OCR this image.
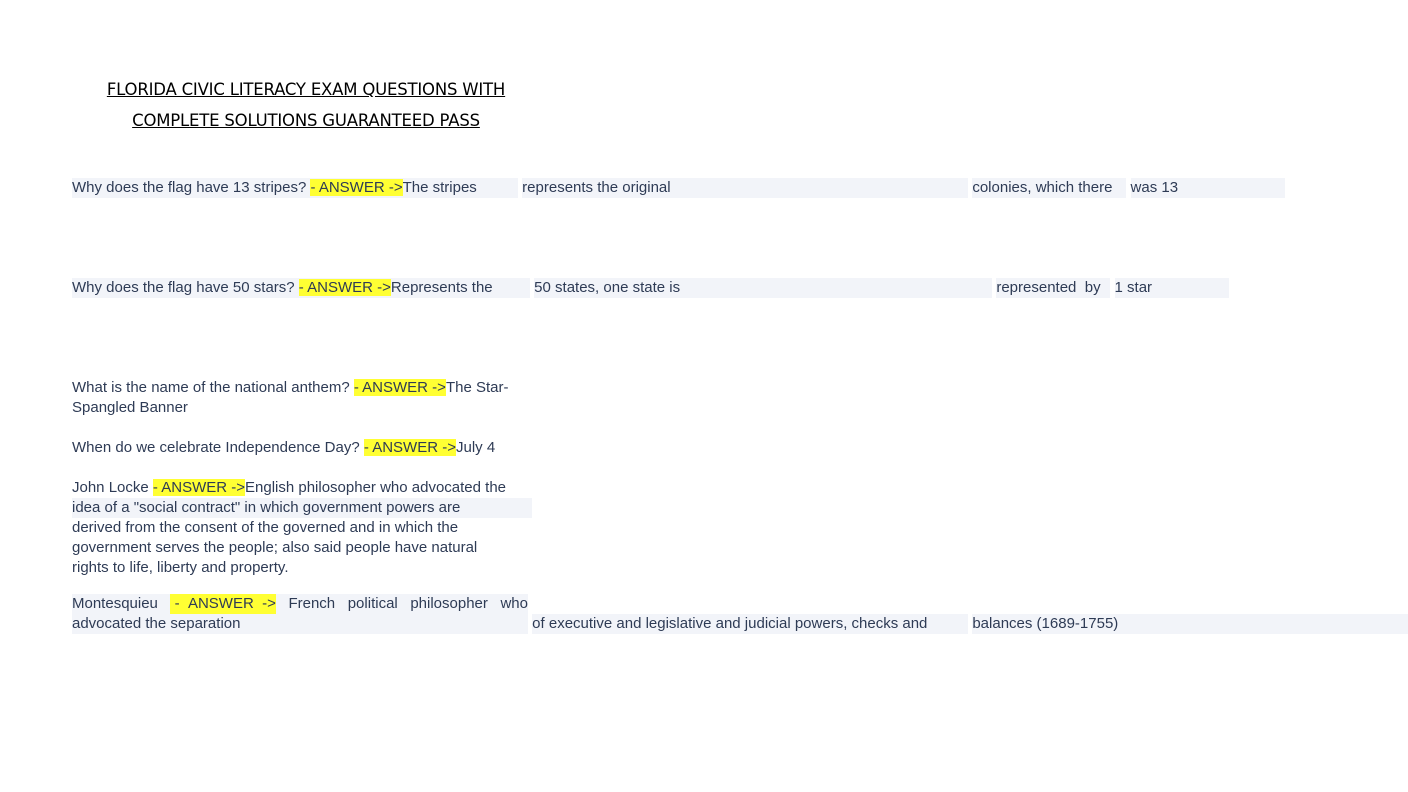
FLORIDA CIVIC LITERACY EXAM QUESTIONS WITH
COMPLETE SOLUTIONS GUARANTEED PASS
Why does the flag have 13 stripes? - ANSWER ->The stripes	represents the original	colonies, which there was 13
Why does the flag have 50 stars? - ANSWER ->Represents the	50 states, one state is	represented  by 1 star
What is the name of the national anthem? - ANSWER ->The Star-
Spangled Banner
When do we celebrate Independence Day? - ANSWER ->July 4
John Locke - ANSWER ->English philosopher who advocated the
idea of a "social contract" in which government powers are
derived from the consent of the governed and in which the
government serves the people; also said people have natural
rights to life, liberty and property.
Montesquieu -  ANSWER  -> French political philosopher who
advocated the separation	of executive and legislative and judicial powers, checks and	balances (1689-1755)
